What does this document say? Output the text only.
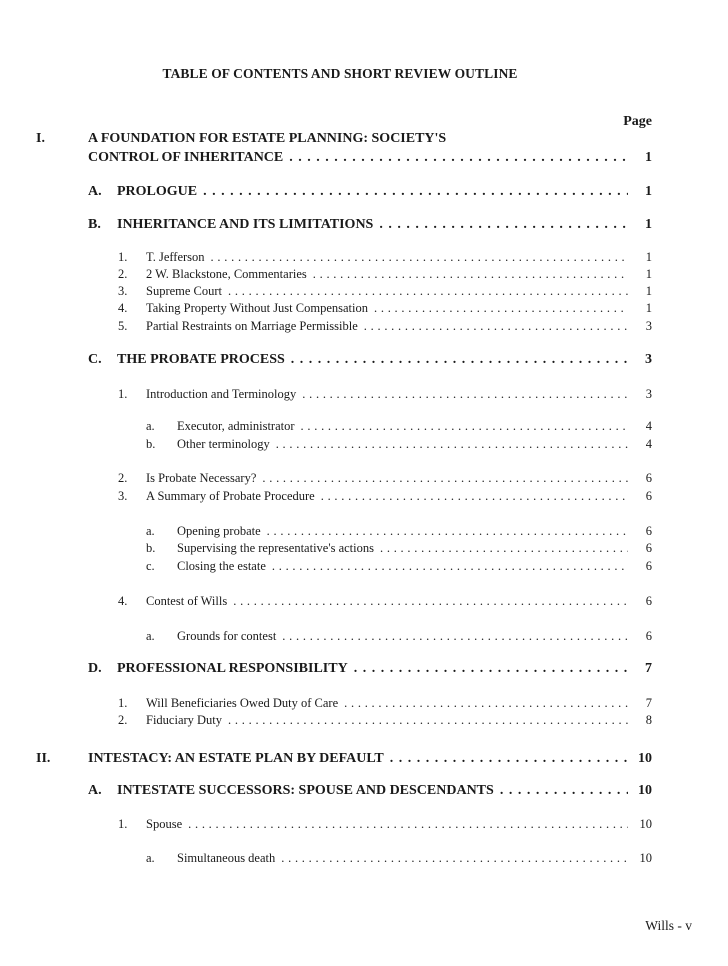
TABLE OF CONTENTS AND SHORT REVIEW OUTLINE
Page
I.	A FOUNDATION FOR ESTATE PLANNING: SOCIETY'S
CONTROL OF INHERITANCE . . .	1
A. PROLOGUE . . .	1
B. INHERITANCE AND ITS LIMITATIONS . . .	1
1. T. Jefferson . . .	1
2. 2 W. Blackstone, Commentaries . . .	1
3. Supreme Court . . .	1
4. Taking Property Without Just Compensation . . .	1
5. Partial Restraints on Marriage Permissible . . .	3
C. THE PROBATE PROCESS . . .	3
1. Introduction and Terminology . . .	3
a. Executor, administrator . . .	4
b. Other terminology . . .	4
2. Is Probate Necessary? . . .	6
3. A Summary of Probate Procedure . . .	6
a. Opening probate . . .	6
b. Supervising the representative's actions . . .	6
c. Closing the estate . . .	6
4. Contest of Wills . . .	6
a. Grounds for contest . . .	6
D. PROFESSIONAL RESPONSIBILITY . . .	7
1. Will Beneficiaries Owed Duty of Care . . .	7
2. Fiduciary Duty . . .	8
II.	INTESTACY: AN ESTATE PLAN BY DEFAULT . . .	10
A. INTESTATE SUCCESSORS: SPOUSE AND DESCENDANTS . . .	10
1. Spouse . . .	10
a. Simultaneous death . . .	10
Wills - v
